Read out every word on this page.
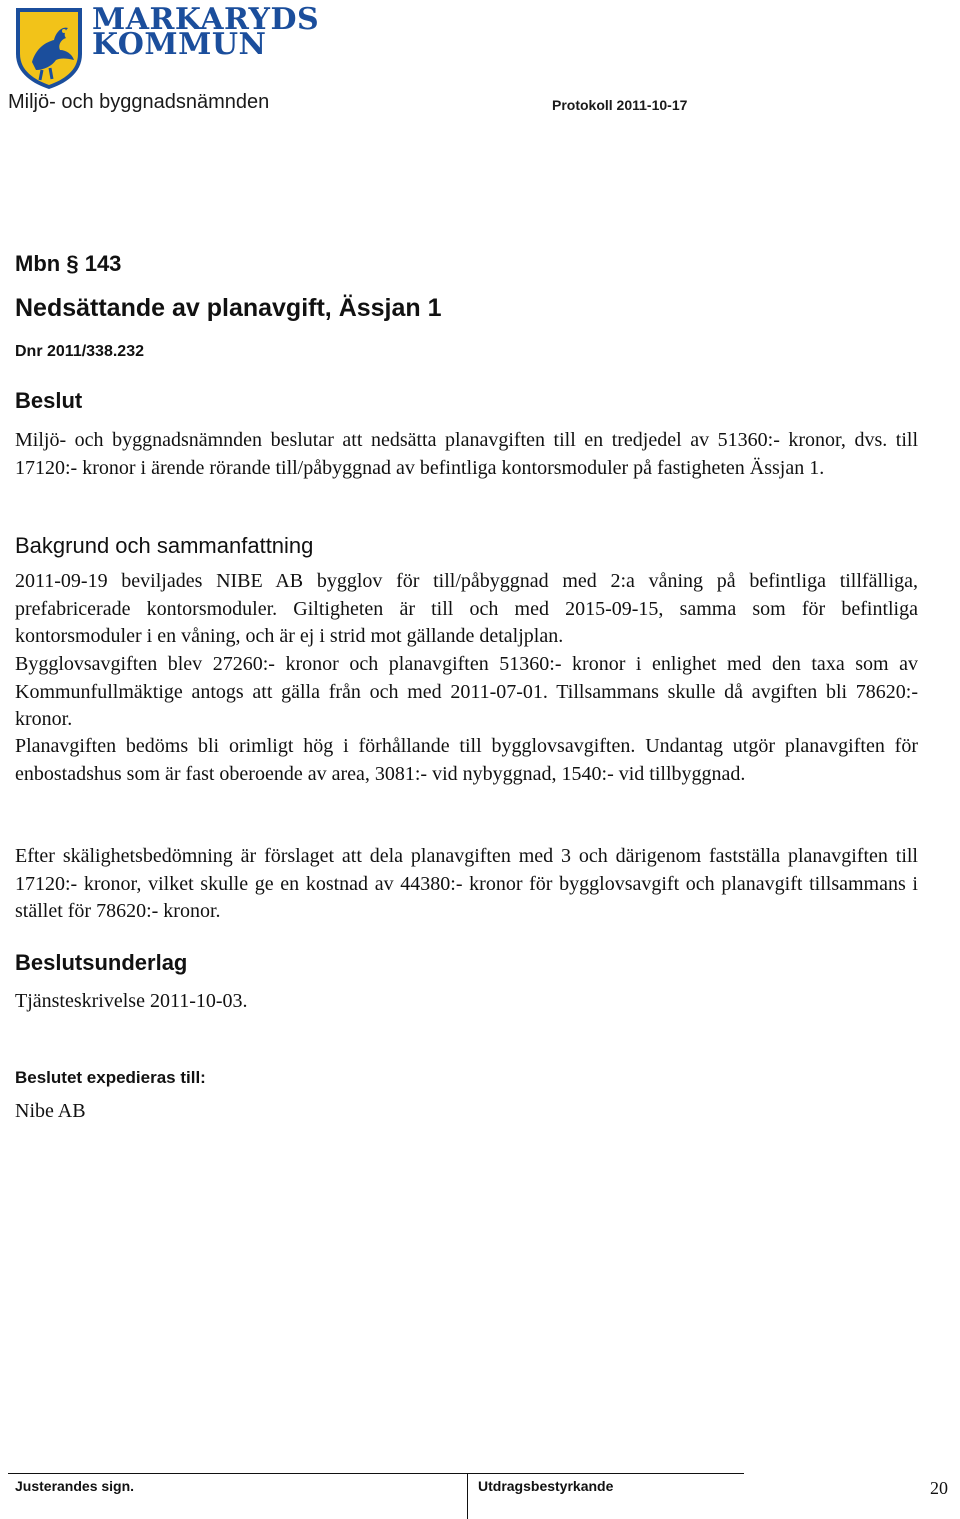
MARKARYDS
KOMMUN
Miljö- och byggnadsnämnden	Protokoll 2011-10-17
Mbn § 143
Nedsättande av planavgift, Ässjan 1
Dnr 2011/338.232
Beslut
Miljö- och byggnadsnämnden beslutar att nedsätta planavgiften till en tredjedel av 51360:- kronor, dvs. till 17120:- kronor i ärende rörande till/påbyggnad av befintliga kontorsmoduler på fastigheten Ässjan 1.
Bakgrund och sammanfattning
2011-09-19 beviljades NIBE AB bygglov för till/påbyggnad med 2:a våning på befintliga tillfälliga, prefabricerade kontorsmoduler. Giltigheten är till och med 2015-09-15, samma som för befintliga kontorsmoduler i en våning, och är ej i strid mot gällande detaljplan.
Bygglovsavgiften blev 27260:- kronor och planavgiften 51360:- kronor i enlighet med den taxa som av Kommunfullmäktige antogs att gälla från och med 2011-07-01. Tillsammans skulle då avgiften bli 78620:- kronor.
Planavgiften bedöms bli orimligt hög i förhållande till bygglovsavgiften. Undantag utgör planavgiften för enbostadshus som är fast oberoende av area, 3081:- vid nybyggnad, 1540:- vid tillbyggnad.
Efter skälighetsbedömning är förslaget att dela planavgiften med 3 och därigenom fastställa planavgiften till 17120:- kronor, vilket skulle ge en kostnad av 44380:- kronor för bygglovsavgift och planavgift tillsammans i stället för 78620:- kronor.
Beslutsunderlag
Tjänsteskrivelse 2011-10-03.
Beslutet expedieras till:
Nibe AB
Justerandes sign.	Utdragsbestyrkande	20
